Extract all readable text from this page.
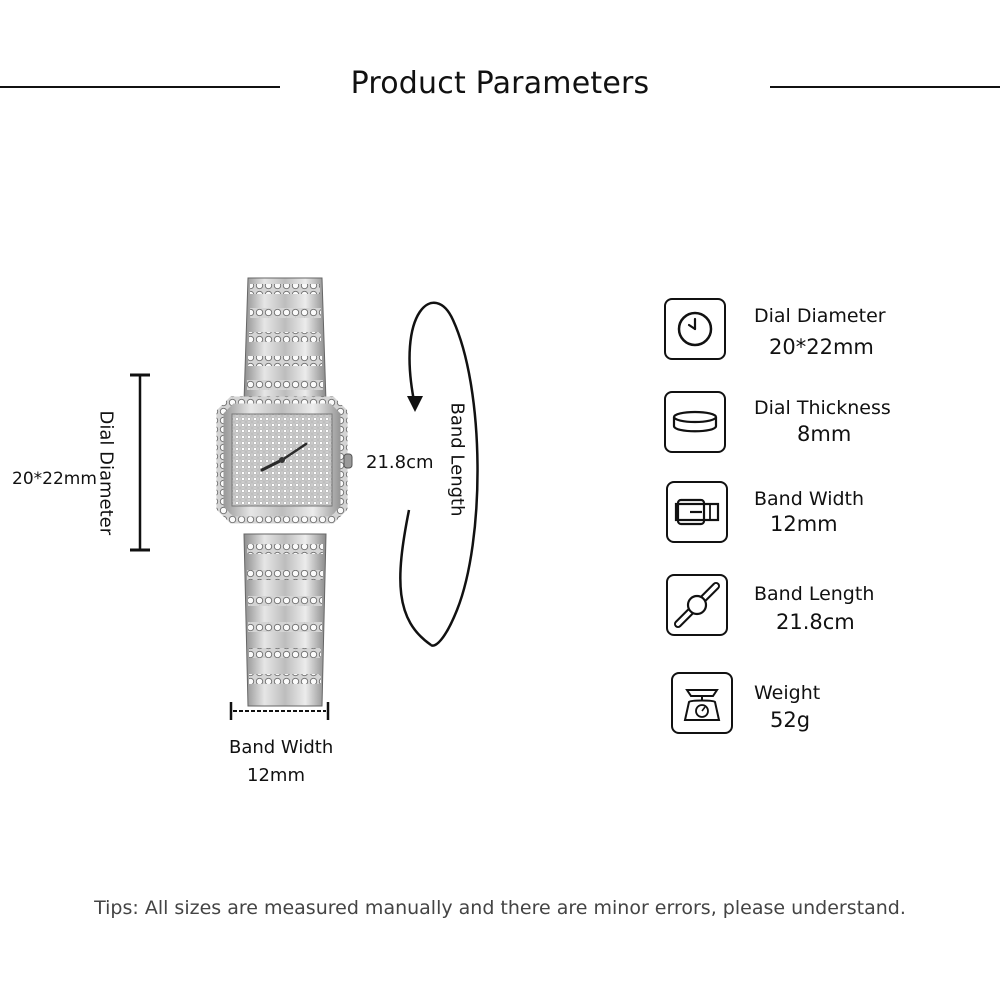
Product Parameters
Dial Diameter
20*22mm
21.8cm Band Length
Band Width
12mm
Dial Diameter
20*22mm
Dial Thickness
8mm
Band Width
12mm
Band Length
21.8cm
Weight
52g
Tips: All sizes are measured manually and there are minor errors, please understand.
